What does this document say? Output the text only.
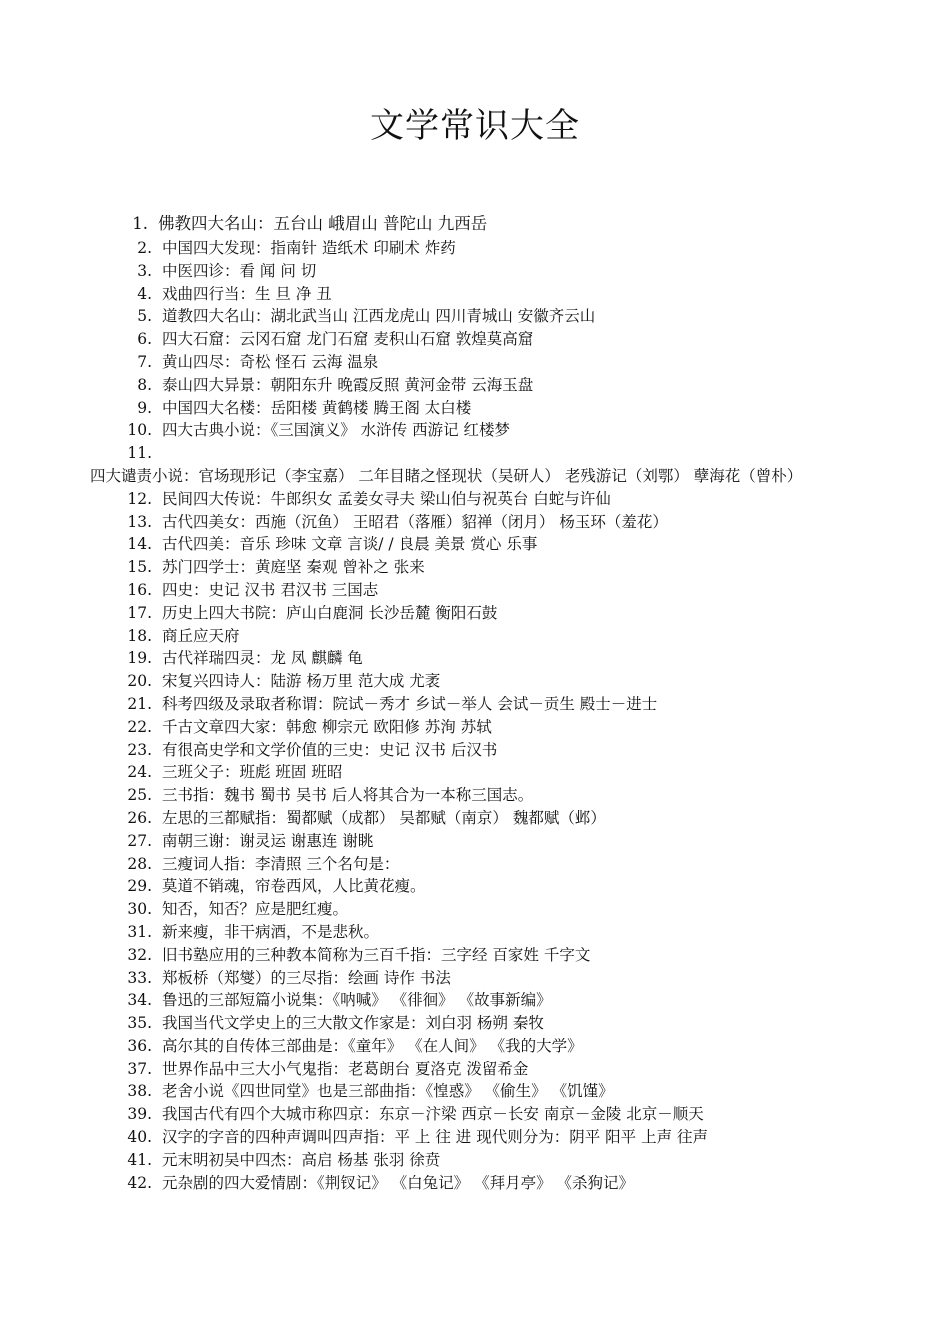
文学常识大全
1. 佛教四大名山：五台山 峨眉山 普陀山 九西岳
2. 中国四大发现：指南针 造纸术 印刷术 炸药
3. 中医四诊：看 闻 问 切
4. 戏曲四行当：生 旦 净 丑
5. 道教四大名山：湖北武当山 江西龙虎山 四川青城山 安徽齐云山
6. 四大石窟：云冈石窟 龙门石窟 麦积山石窟 敦煌莫高窟
7. 黄山四尽：奇松 怪石 云海 温泉
8. 泰山四大异景：朝阳东升 晚霞反照 黄河金带 云海玉盘
9. 中国四大名楼：岳阳楼 黄鹤楼 腾王阁 太白楼
10. 四大古典小说：《三国演义》 水浒传 西游记 红楼梦
11.四大谴责小说：官场现形记（李宝嘉） 二年目睹之怪现状（吴研人） 老残游记（刘鄂） 孽海花（曾朴）
12. 民间四大传说：牛郎织女 孟姜女寻夫 梁山伯与祝英台 白蛇与许仙
13. 古代四美女：西施（沉鱼） 王昭君（落雁）貂禅（闭月） 杨玉环（羞花）
14. 古代四美：音乐 珍味 文章 言谈/ / 良晨 美景 赏心 乐事
15. 苏门四学士：黄庭坚 秦观 曾补之 张来
16. 四史：史记 汉书 君汉书 三国志
17. 历史上四大书院：庐山白鹿洞 长沙岳麓 衡阳石鼓
18. 商丘应天府
19. 古代祥瑞四灵：龙 凤 麒麟 龟
20. 宋复兴四诗人：陆游 杨万里 范大成 尤袤
21. 科考四级及录取者称谓：院试－秀才 乡试－举人 会试－贡生 殿士－进士
22. 千古文章四大家：韩愈 柳宗元 欧阳修 苏洵 苏轼
23. 有很高史学和文学价值的三史：史记 汉书 后汉书
24. 三班父子：班彪 班固 班昭
25. 三书指：魏书 蜀书 吴书 后人将其合为一本称三国志。
26. 左思的三都赋指：蜀都赋（成都） 吴都赋（南京） 魏都赋（邺）
27. 南朝三谢：谢灵运 谢惠连 谢眺
28. 三瘦词人指：李清照 三个名句是：
29. 莫道不销魂，帘卷西风，人比黄花瘦。
30. 知否，知否？应是肥红瘦。
31. 新来瘦，非干病酒，不是悲秋。
32. 旧书塾应用的三种教本简称为三百千指：三字经 百家姓 千字文
33. 郑板桥（郑燮）的三尽指：绘画 诗作 书法
34. 鲁迅的三部短篇小说集：《呐喊》 《徘徊》 《故事新编》
35. 我国当代文学史上的三大散文作家是：刘白羽 杨朔 秦牧
36. 高尔其的自传体三部曲是：《童年》 《在人间》 《我的大学》
37. 世界作品中三大小气鬼指：老葛朗台 夏洛克 泼留希金
38. 老舍小说《四世同堂》也是三部曲指：《惶惑》 《偷生》 《饥馑》
39. 我国古代有四个大城市称四京：东京－汴梁 西京－长安 南京－金陵 北京－顺天
40. 汉字的字音的四种声调叫四声指：平 上 往 进 现代则分为：阴平 阳平 上声 往声
41. 元末明初吴中四杰：高启 杨基 张羽 徐贲
42. 元杂剧的四大爱情剧：《荆钗记》 《白兔记》 《拜月亭》 《杀狗记》
